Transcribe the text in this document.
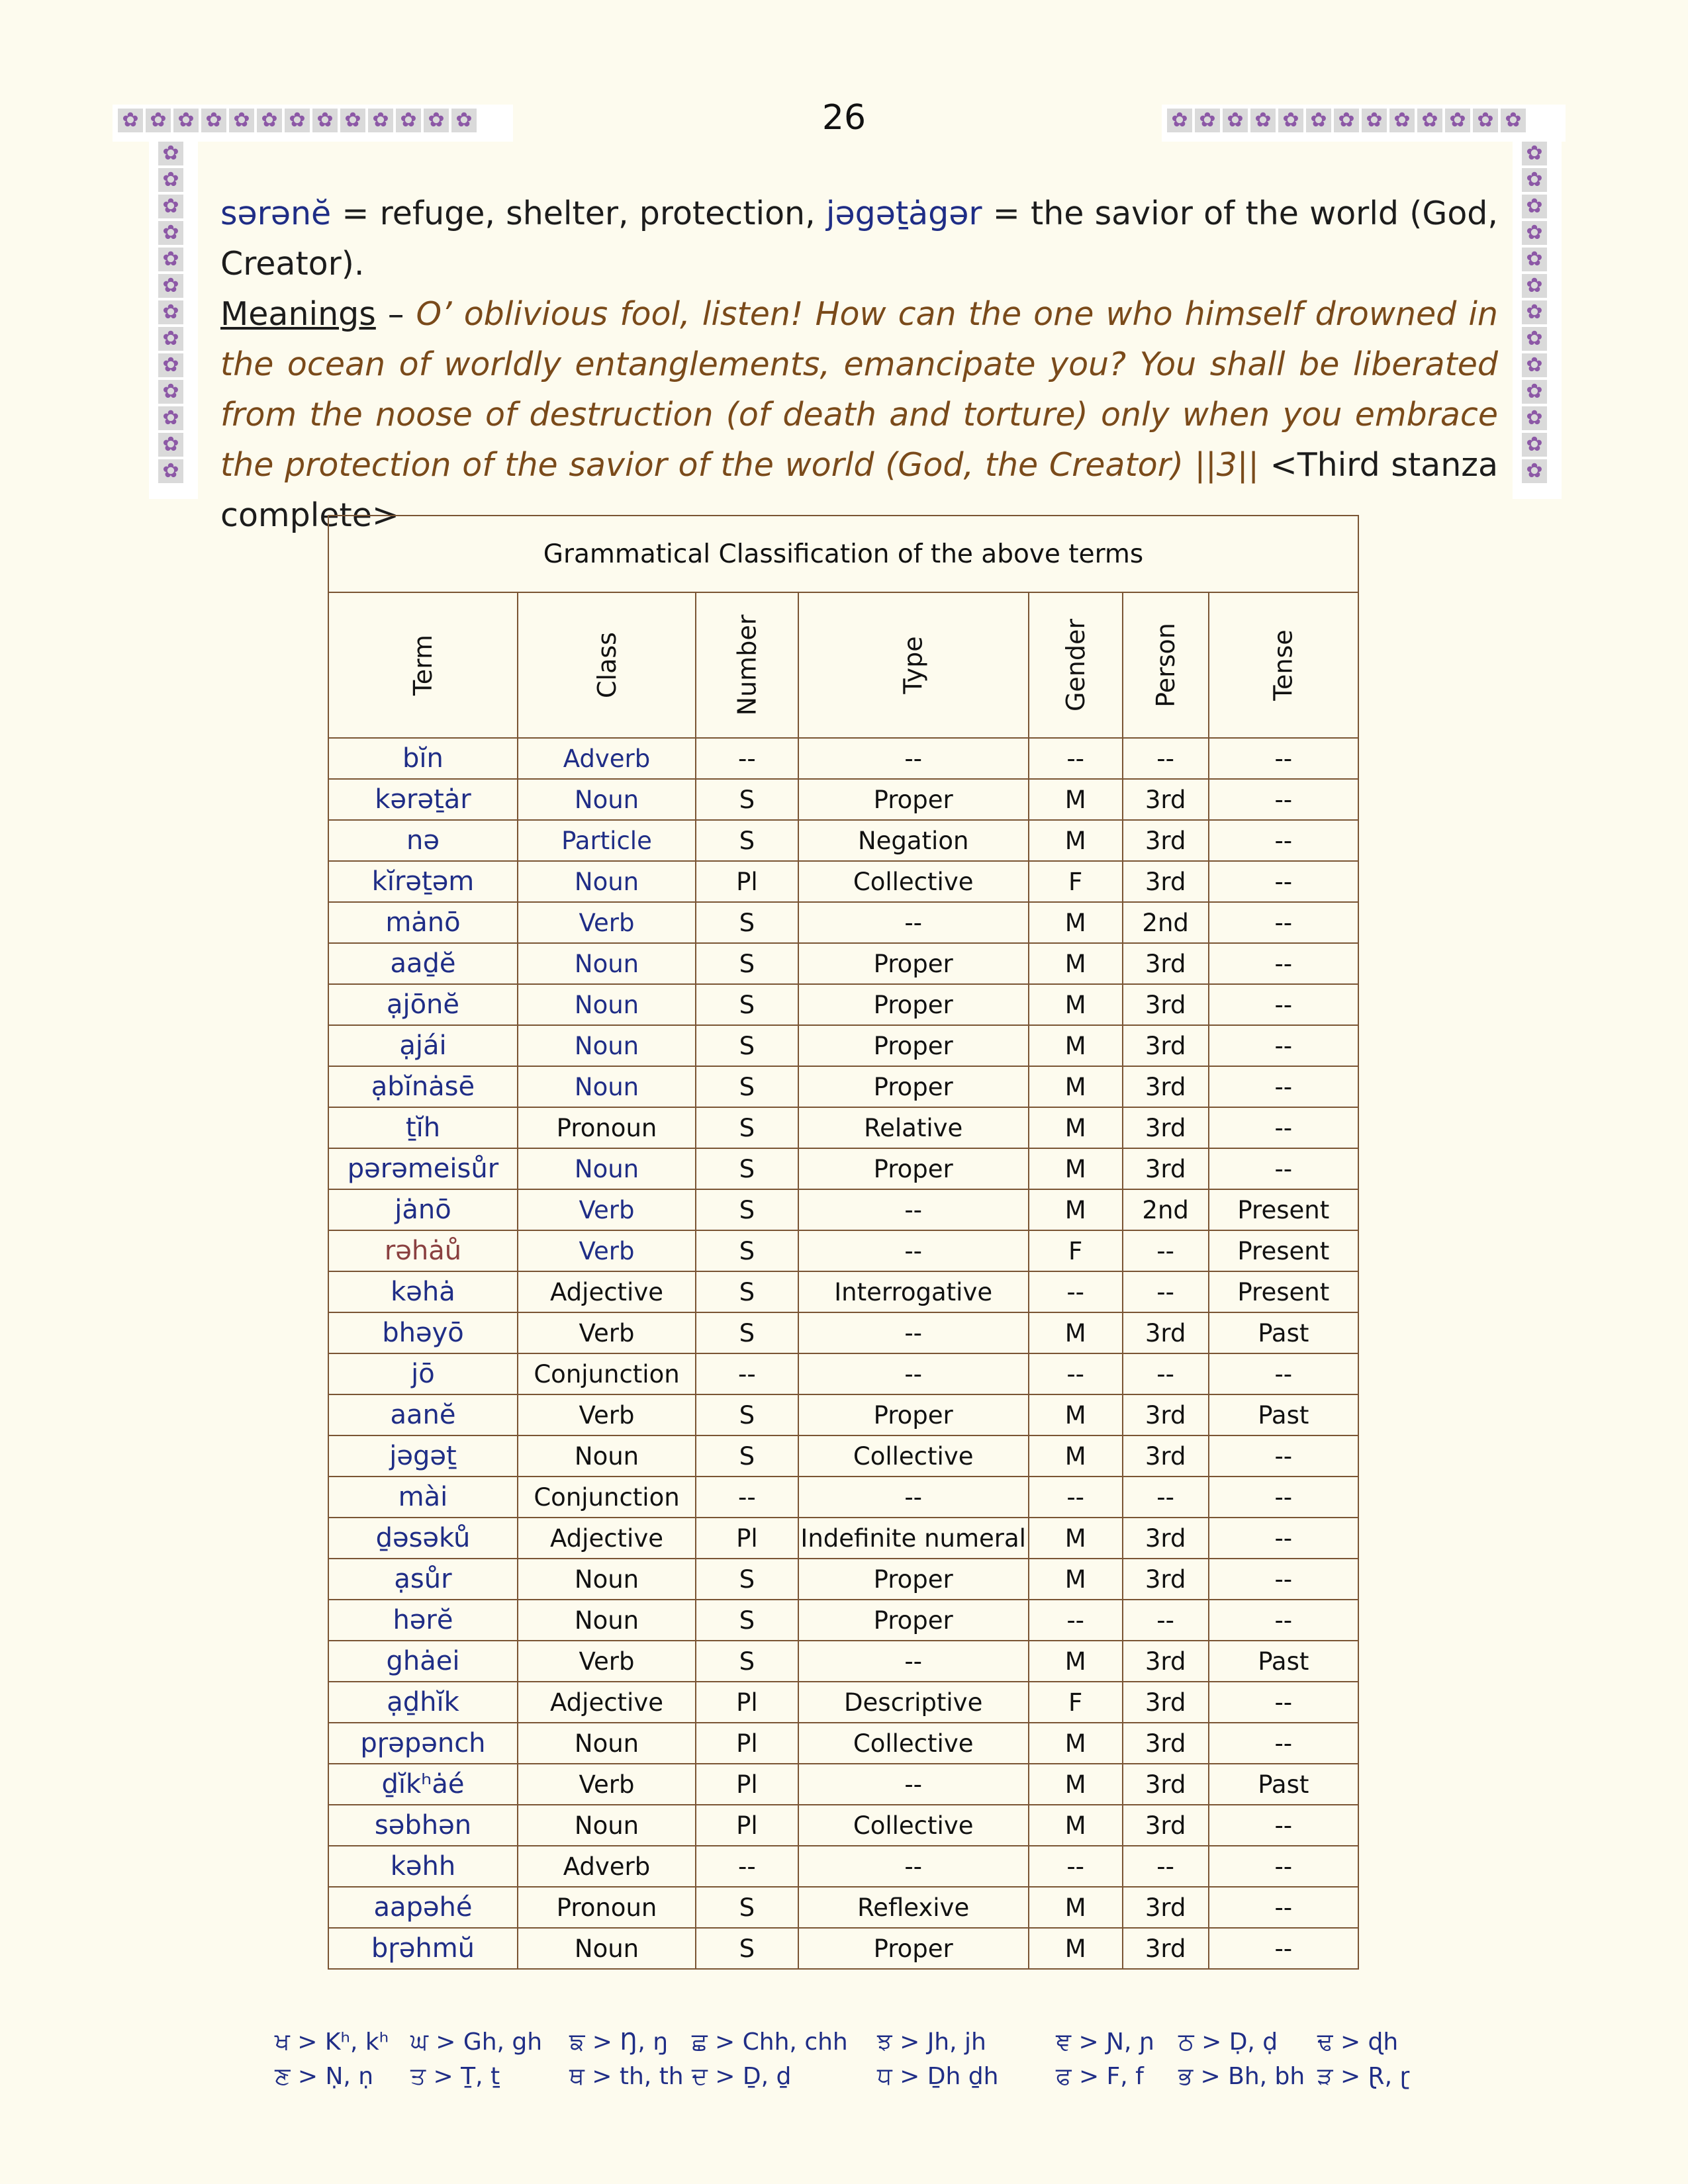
✿ ✿ ✿ ✿ ✿ ✿ ✿ ✿ ✿ ✿ ✿ ✿ ✿	✿ ✿ ✿ ✿ ✿ ✿ ✿ ✿ ✿ ✿ ✿ ✿ ✿
✿
✿
✿
✿
✿
✿
✿
✿
✿
✿
✿
✿
✿
✿
✿
✿
✿
✿
✿
✿
✿
✿
✿
✿
✿
✿
26
sərənĕ = refuge, shelter, protection, jəgəṯȧgər = the savior of the world (God, Creator).
Meanings – O’ oblivious fool, listen! How can the one who himself drowned in the ocean of worldly entanglements, emancipate you? You shall be liberated from the noose of destruction (of death and torture) only when you embrace the protection of the savior of the world (God, the Creator) ||3|| <Third stanza complete>
Grammatical Classification of the above terms						
Term	Class	Number	Type	Gender	Person	Tense
bĭn	Adverb	--	--	--	--	--
kərəṯȧr	Noun	S	Proper	M	3rd	--
nə	Particle	S	Negation	M	3rd	--
kĭrəṯəm	Noun	Pl	Collective	F	3rd	--
mȧnō	Verb	S	--	M	2nd	--
aaḏĕ	Noun	S	Proper	M	3rd	--
ạjōnĕ	Noun	S	Proper	M	3rd	--
ạjái	Noun	S	Proper	M	3rd	--
ạbĭnȧsē	Noun	S	Proper	M	3rd	--
ṯĭh	Pronoun	S	Relative	M	3rd	--
pərəmeisůr	Noun	S	Proper	M	3rd	--
jȧnō	Verb	S	--	M	2nd	Present
rəhȧů	Verb	S	--	F	--	Present
kəhȧ	Adjective	S	Interrogative	--	--	Present
bhəyō	Verb	S	--	M	3rd	Past
jō	Conjunction	--	--	--	--	--
aanĕ	Verb	S	Proper	M	3rd	Past
jəgəṯ	Noun	S	Collective	M	3rd	--
mài	Conjunction	--	--	--	--	--
ḏəsəků	Adjective	Pl	Indefinite numeral	M	3rd	--
ạsůr	Noun	S	Proper	M	3rd	--
hərĕ	Noun	S	Proper	--	--	--
ghȧei	Verb	S	--	M	3rd	Past
ạḏhĭk	Adjective	Pl	Descriptive	F	3rd	--
pɼəpənch	Noun	Pl	Collective	M	3rd	--
ḏĭkʰȧé	Verb	Pl	--	M	3rd	Past
səbhən	Noun	Pl	Collective	M	3rd	--
kəhh	Adverb	--	--	--	--	--
aapəhé	Pronoun	S	Reflexive	M	3rd	--
bɼəhmŭ	Noun	S	Proper	M	3rd	--
ਖ > Kʰ, kʰ ਘ > Gh, gh	ਙ > Ŋ, ŋ ਛ > Chh, chh	ਝ > Jh, jh	ਞ > Ɲ, ɲ ਠ > Ḍ, ḍ	ਢ > ɖh
ਣ > Ṇ, ṇ	ਤ > Ṯ, ṯ	ਥ > th, th ਦ > Ḏ, ḏ	ਧ > Ḏh ḏh	ਫ > F, f	ਭ > Bh, bh ੜ > Ɽ, ɽ
